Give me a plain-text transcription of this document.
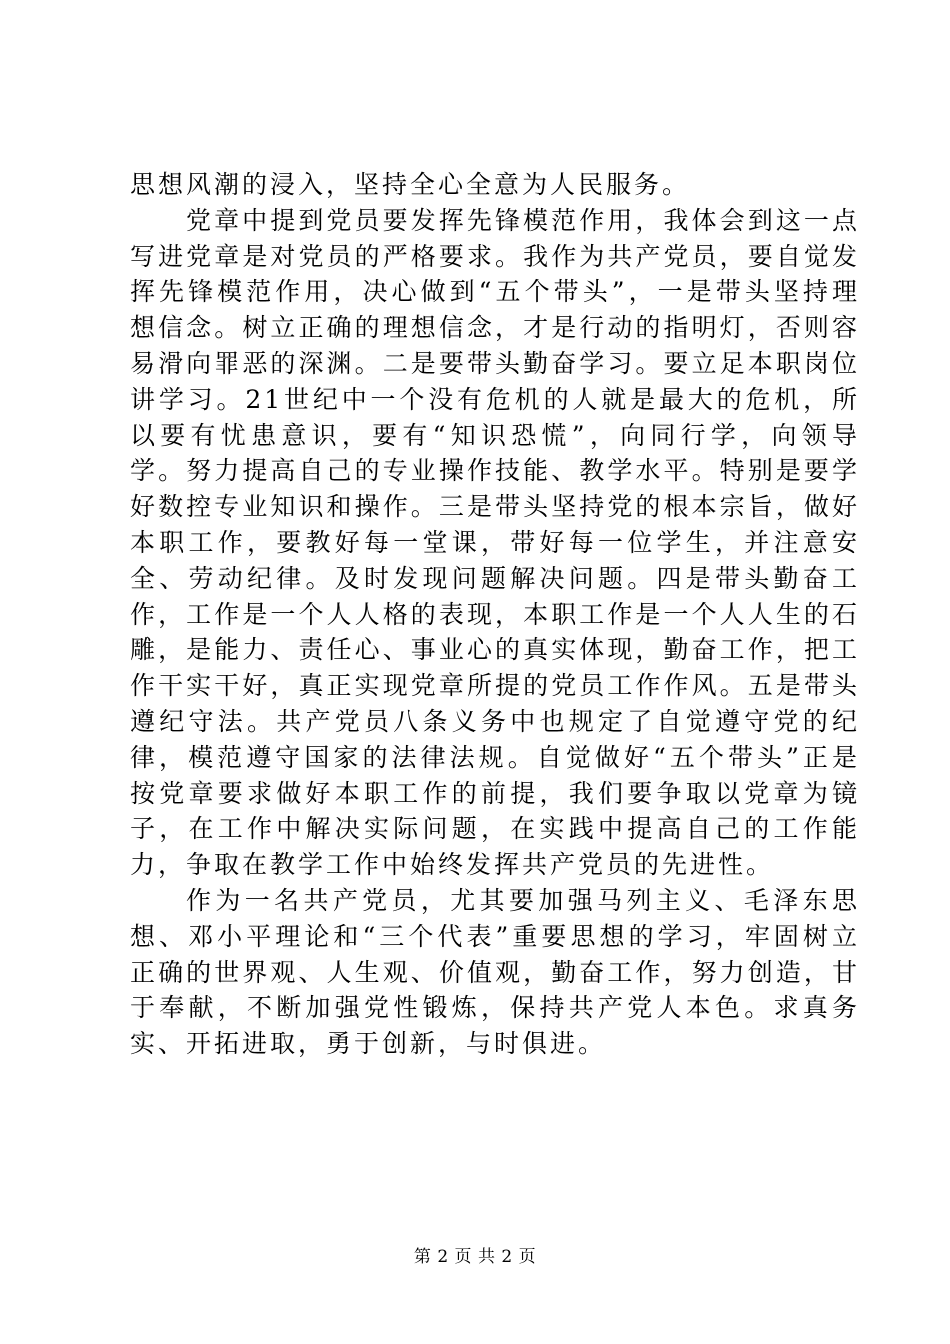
思想风潮的浸入，坚持全心全意为人民服务。

党章中提到党员要发挥先锋模范作用，我体会到这一点写进党章是对党员的严格要求。我作为共产党员，要自觉发挥先锋模范作用，决心做到“五个带头”，一是带头坚持理想信念。树立正确的理想信念，才是行动的指明灯，否则容易滑向罪恶的深渊。二是要带头勤奋学习。要立足本职岗位讲学习。21世纪中一个没有危机的人就是最大的危机，所以要有忧患意识，要有“知识恐慌”，向同行学，向领导学。努力提高自己的专业操作技能、教学水平。特别是要学好数控专业知识和操作。三是带头坚持党的根本宗旨，做好本职工作，要教好每一堂课，带好每一位学生，并注意安全、劳动纪律。及时发现问题解决问题。四是带头勤奋工作，工作是一个人人格的表现，本职工作是一个人人生的石雕，是能力、责任心、事业心的真实体现，勤奋工作，把工作干实干好，真正实现党章所提的党员工作作风。五是带头遵纪守法。共产党员八条义务中也规定了自觉遵守党的纪律，模范遵守国家的法律法规。自觉做好“五个带头”正是按党章要求做好本职工作的前提，我们要争取以党章为镜子，在工作中解决实际问题，在实践中提高自己的工作能力，争取在教学工作中始终发挥共产党员的先进性。

作为一名共产党员，尤其要加强马列主义、毛泽东思想、邓小平理论和“三个代表”重要思想的学习，牢固树立正确的世界观、人生观、价值观，勤奋工作，努力创造，甘于奉献，不断加强党性锻炼，保持共产党人本色。求真务实、开拓进取，勇于创新，与时俱进。

第 2 页 共 2 页
